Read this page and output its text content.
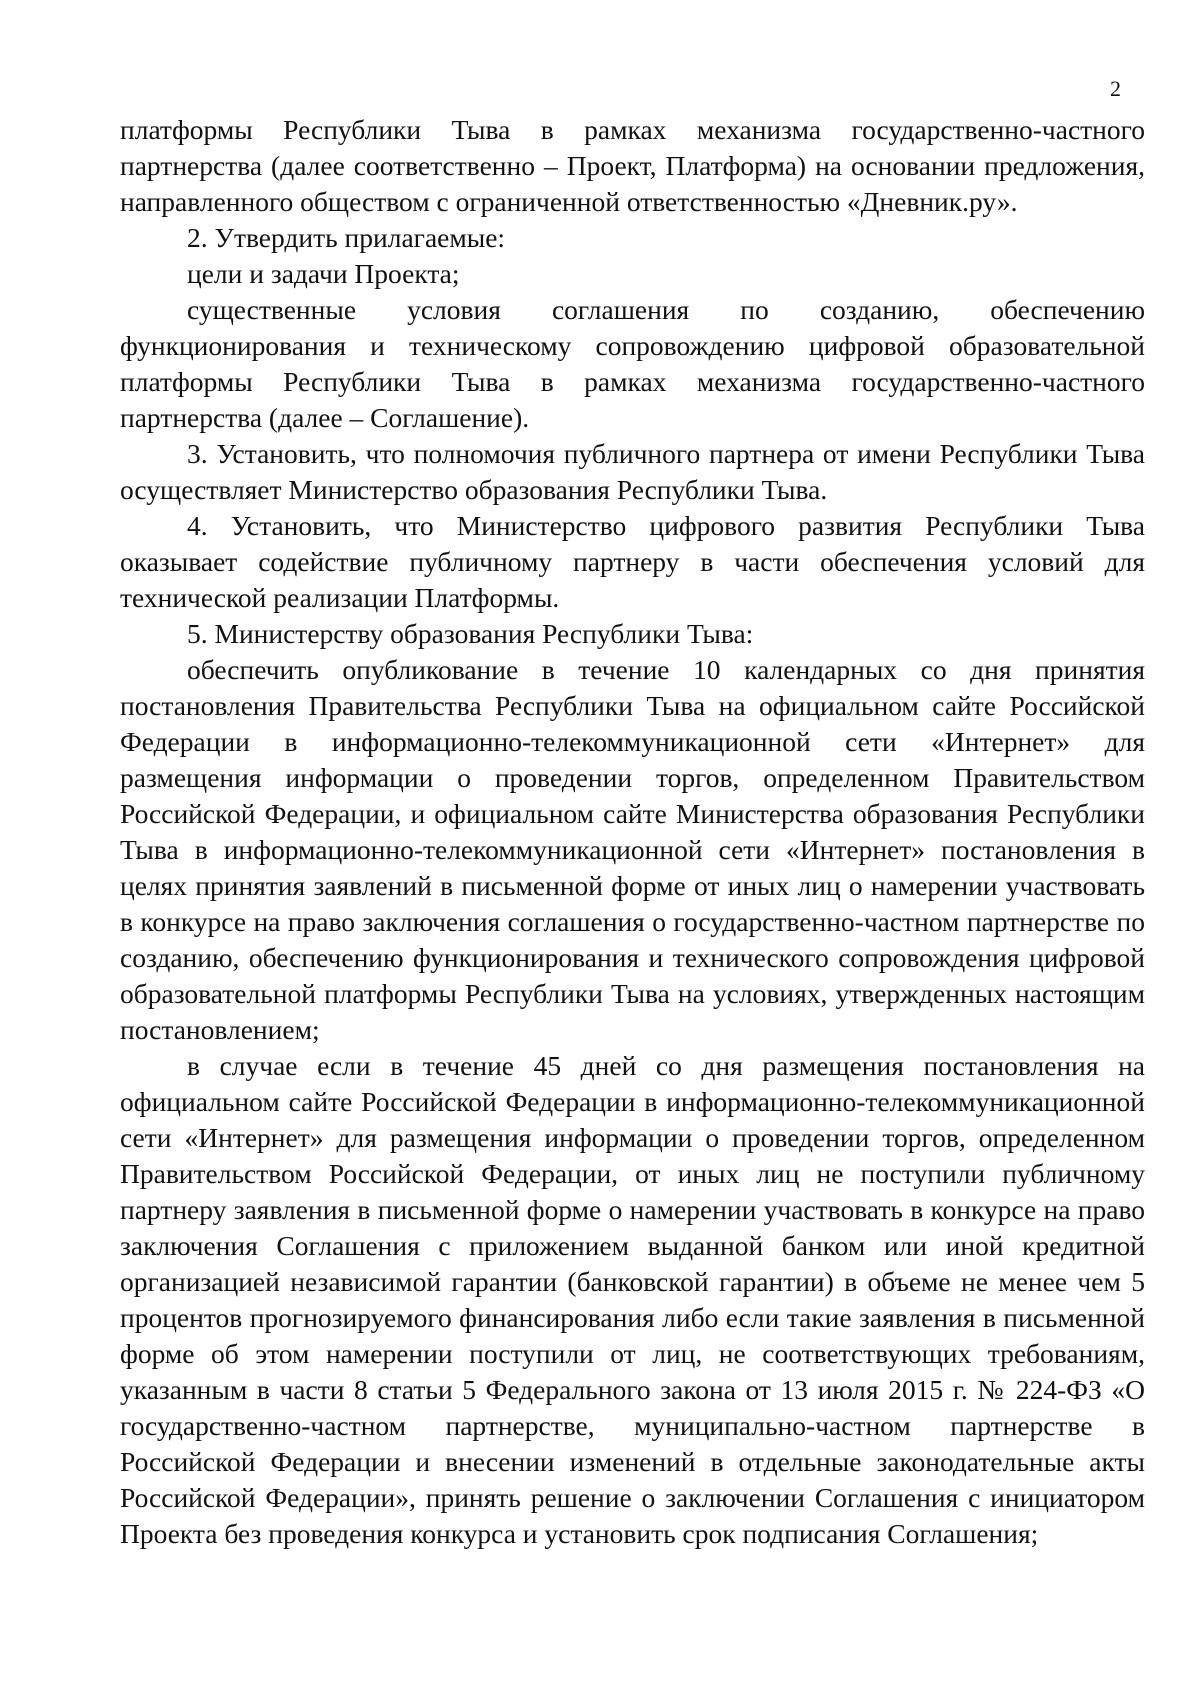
2

платформы Республики Тыва в рамках механизма государственно-частного партнерства (далее соответственно – Проект, Платформа) на основании предложения, направленного обществом с ограниченной ответственностью «Дневник.ру».

2. Утвердить прилагаемые:

цели и задачи Проекта;

существенные условия соглашения по созданию, обеспечению функционирования и техническому сопровождению цифровой образовательной платформы Республики Тыва в рамках механизма государственно-частного партнерства (далее – Соглашение).

3. Установить, что полномочия публичного партнера от имени Республики Тыва осуществляет Министерство образования Республики Тыва.

4. Установить, что Министерство цифрового развития Республики Тыва оказывает содействие публичному партнеру в части обеспечения условий для технической реализации Платформы.

5. Министерству образования Республики Тыва:

обеспечить опубликование в течение 10 календарных со дня принятия постановления Правительства Республики Тыва на официальном сайте Российской Федерации в информационно-телекоммуникационной сети «Интернет» для размещения информации о проведении торгов, определенном Правительством Российской Федерации, и официальном сайте Министерства образования Республики Тыва в информационно-телекоммуникационной сети «Интернет» постановления в целях принятия заявлений в письменной форме от иных лиц о намерении участвовать в конкурсе на право заключения соглашения о государственно-частном партнерстве по созданию, обеспечению функционирования и технического сопровождения цифровой образовательной платформы Республики Тыва на условиях, утвержденных настоящим постановлением;

в случае если в течение 45 дней со дня размещения постановления на официальном сайте Российской Федерации в информационно-телекоммуникационной сети «Интернет» для размещения информации о проведении торгов, определенном Правительством Российской Федерации, от иных лиц не поступили публичному партнеру заявления в письменной форме о намерении участвовать в конкурсе на право заключения Соглашения с приложением выданной банком или иной кредитной организацией независимой гарантии (банковской гарантии) в объеме не менее чем 5 процентов прогнозируемого финансирования либо если такие заявления в письменной форме об этом намерении поступили от лиц, не соответствующих требованиям, указанным в части 8 статьи 5 Федерального закона от 13 июля 2015 г. № 224-ФЗ «О государственно-частном партнерстве, муниципально-частном партнерстве в Российской Федерации и внесении изменений в отдельные законодательные акты Российской Федерации», принять решение о заключении Соглашения с инициатором Проекта без проведения конкурса и установить срок подписания Соглашения;
